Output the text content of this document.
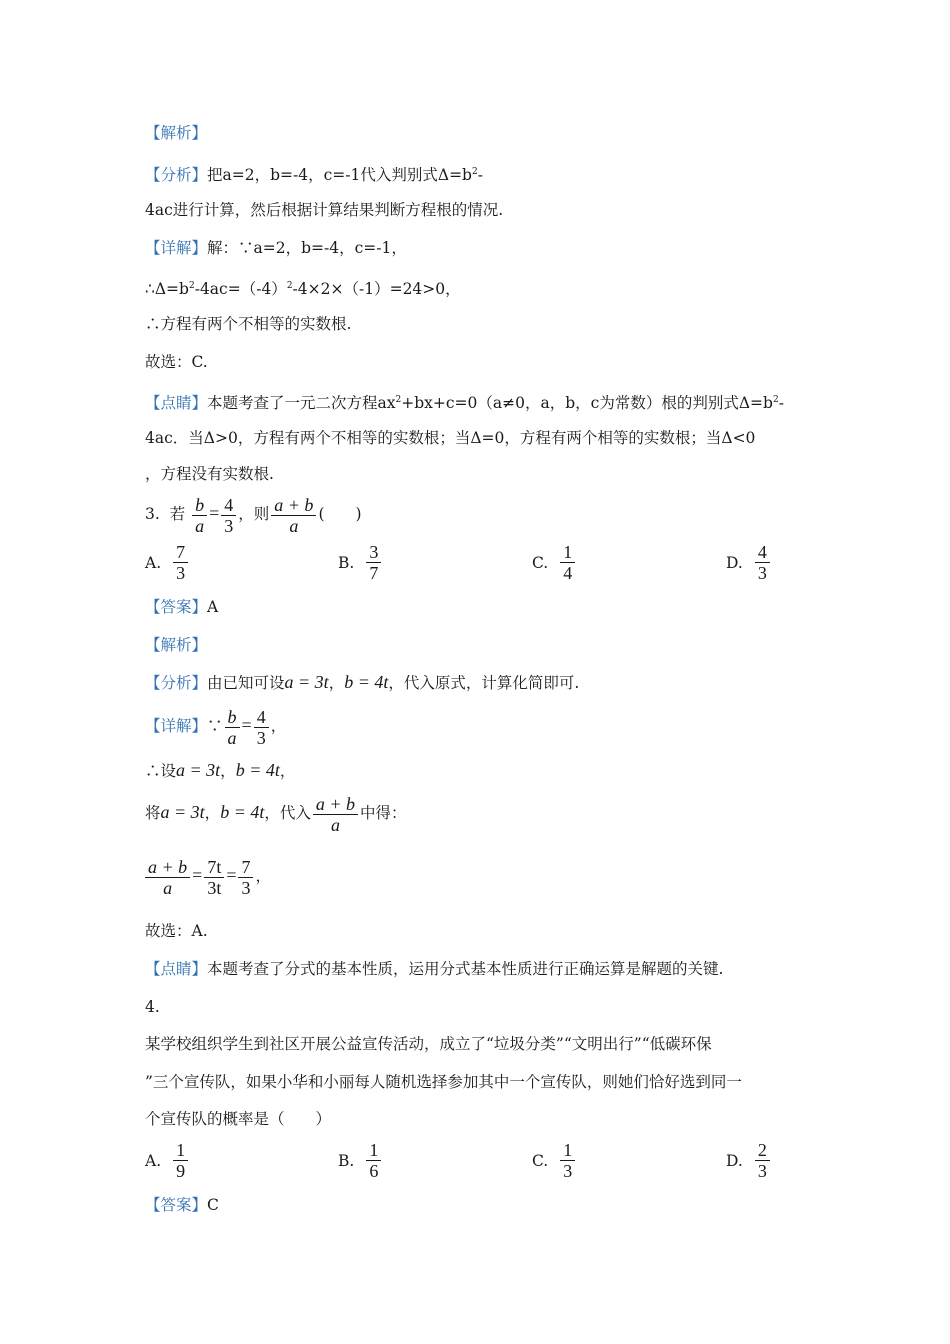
【解析】
【分析】把a=2，b=-4，c=-1代入判别式$\Delta=b^2-$
4ac进行计算，然后根据计算结果判断方程根的情况.
【详解】解：∵a=2，b=-4，c=-1，
$\therefore\Delta=b^2-4ac=(-4)^2-4\times 2\times(-1)=24>0$，
∴方程有两个不相等的实数根.
故选：C.
【点睛】本题考查了一元二次方程$ax^2+bx+c=0(a\ne 0$，a，b，c为常数）根的判别式$\Delta=b^2-$
4ac．当Δ>0，方程有两个不相等的实数根；当Δ=0，方程有两个相等的实数根；当Δ<0
，方程没有实数根.
3. 若 $\frac{b}{a} = \frac{4}{3}$ ，则 $\frac{a + b}{a}$ (　　)
A. $\frac{7}{3}$	B. $\frac{3}{7}$	C. $\frac{1}{4}$	D. $\frac{4}{3}$
【答案】A
【解析】
【分析】由已知可设a = 3t，b = 4t，代入原式，计算化简即可.
【详解】∵ $\frac{b}{a} = \frac{4}{3}$ ，
∴设a = 3t，b = 4t，
将a = 3t，b = 4t，代入 $\frac{a + b}{a}$ 中得：
$\frac{a + b}{a} = \frac{7t}{3t} = \frac{7}{3}$ ，
故选：A.
【点睛】本题考查了分式的基本性质，运用分式基本性质进行正确运算是解题的关键.
4.
某学校组织学生到社区开展公益宣传活动，成立了“垃圾分类”“文明出行”“低碳环保
”三个宣传队，如果小华和小丽每人随机选择参加其中一个宣传队，则她们恰好选到同一
个宣传队的概率是（　　）
A. $\frac{1}{9}$	B. $\frac{1}{6}$	C. $\frac{1}{3}$	D. $\frac{2}{3}$
【答案】C
